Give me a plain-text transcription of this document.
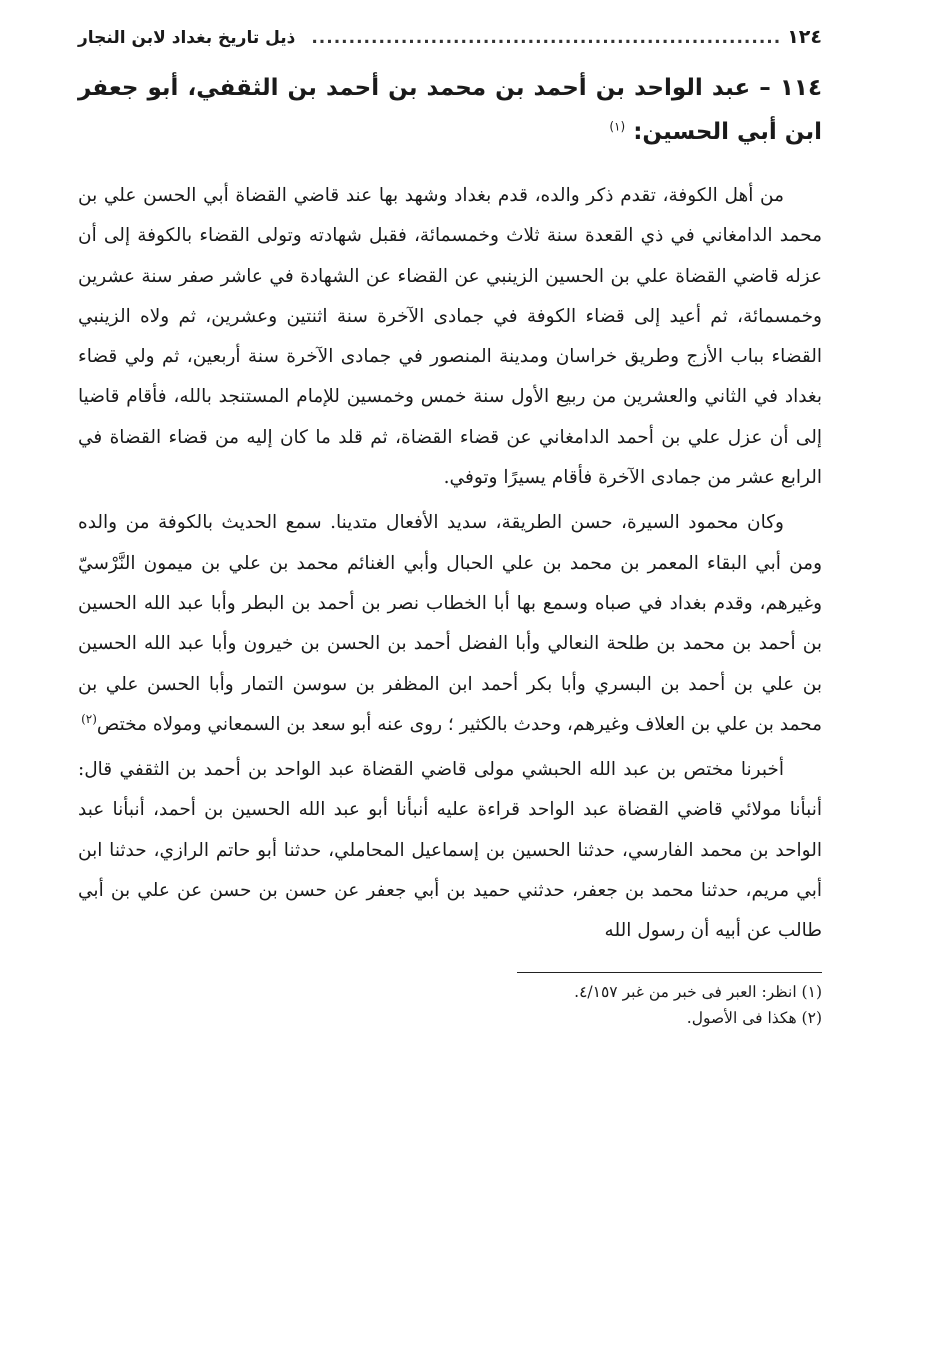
١٢٤
...............................................................
ذيل تاريخ بغداد لابن النجار
١١٤ – عبد الواحد بن أحمد بن محمد بن أحمد بن الثقفي، أبو جعفر ابن أبي الحسين: $^{(١)}$

من أهل الكوفة، تقدم ذكر والده، قدم بغداد وشهد بها عند قاضي القضاة أبي الحسن علي بن محمد الدامغاني في ذي القعدة سنة ثلاث وخمسمائة، فقبل شهادته وتولى القضاء بالكوفة إلى أن عزله قاضي القضاة علي بن الحسين الزينبي عن القضاء عن الشهادة في عاشر صفر سنة عشرين وخمسمائة، ثم أعيد إلى قضاء الكوفة في جمادى الآخرة سنة اثنتين وعشرين، ثم ولاه الزينبي القضاء بباب الأزج وطريق خراسان ومدينة المنصور في جمادى الآخرة سنة أربعين، ثم ولي قضاء بغداد في الثاني والعشرين من ربيع الأول سنة خمس وخمسين للإمام المستنجد بالله، فأقام قاضيا إلى أن عزل علي بن أحمد الدامغاني عن قضاء القضاة، ثم قلد ما كان إليه من قضاء القضاة في الرابع عشر من جمادى الآخرة فأقام يسيرًا وتوفي.

وكان محمود السيرة، حسن الطريقة، سديد الأفعال متدينا. سمع الحديث بالكوفة من والده ومن أبي البقاء المعمر بن محمد بن علي الحبال وأبي الغنائم محمد بن علي بن ميمون النَّرْسيّ وغيرهم، وقدم بغداد في صباه وسمع بها أبا الخطاب نصر بن أحمد بن البطر وأبا عبد الله الحسين بن أحمد بن محمد بن طلحة النعالي وأبا الفضل أحمد بن الحسن بن خيرون وأبا عبد الله الحسين بن علي بن أحمد بن البسري وأبا بكر أحمد ابن المظفر بن سوسن التمار وأبا الحسن علي بن محمد بن علي بن العلاف وغيرهم، وحدث بالكثير ؛ روى عنه أبو سعد بن السمعاني ومولاه مختص$^{(٢)}$

أخبرنا مختص بن عبد الله الحبشي مولى قاضي القضاة عبد الواحد بن أحمد بن الثقفي قال: أنبأنا مولائي قاضي القضاة عبد الواحد قراءة عليه أنبأنا أبو عبد الله الحسين بن أحمد، أنبأنا عبد الواحد بن محمد الفارسي، حدثنا الحسين بن إسماعيل المحاملي، حدثنا أبو حاتم الرازي، حدثنا ابن أبي مريم، حدثنا محمد بن جعفر، حدثني حميد بن أبي جعفر عن حسن بن حسن عن علي بن أبي طالب عن أبيه أن رسول الله

(١) انظر: العبر فى خبر من غبر ٤/١٥٧.
(٢) هكذا فى الأصول.
